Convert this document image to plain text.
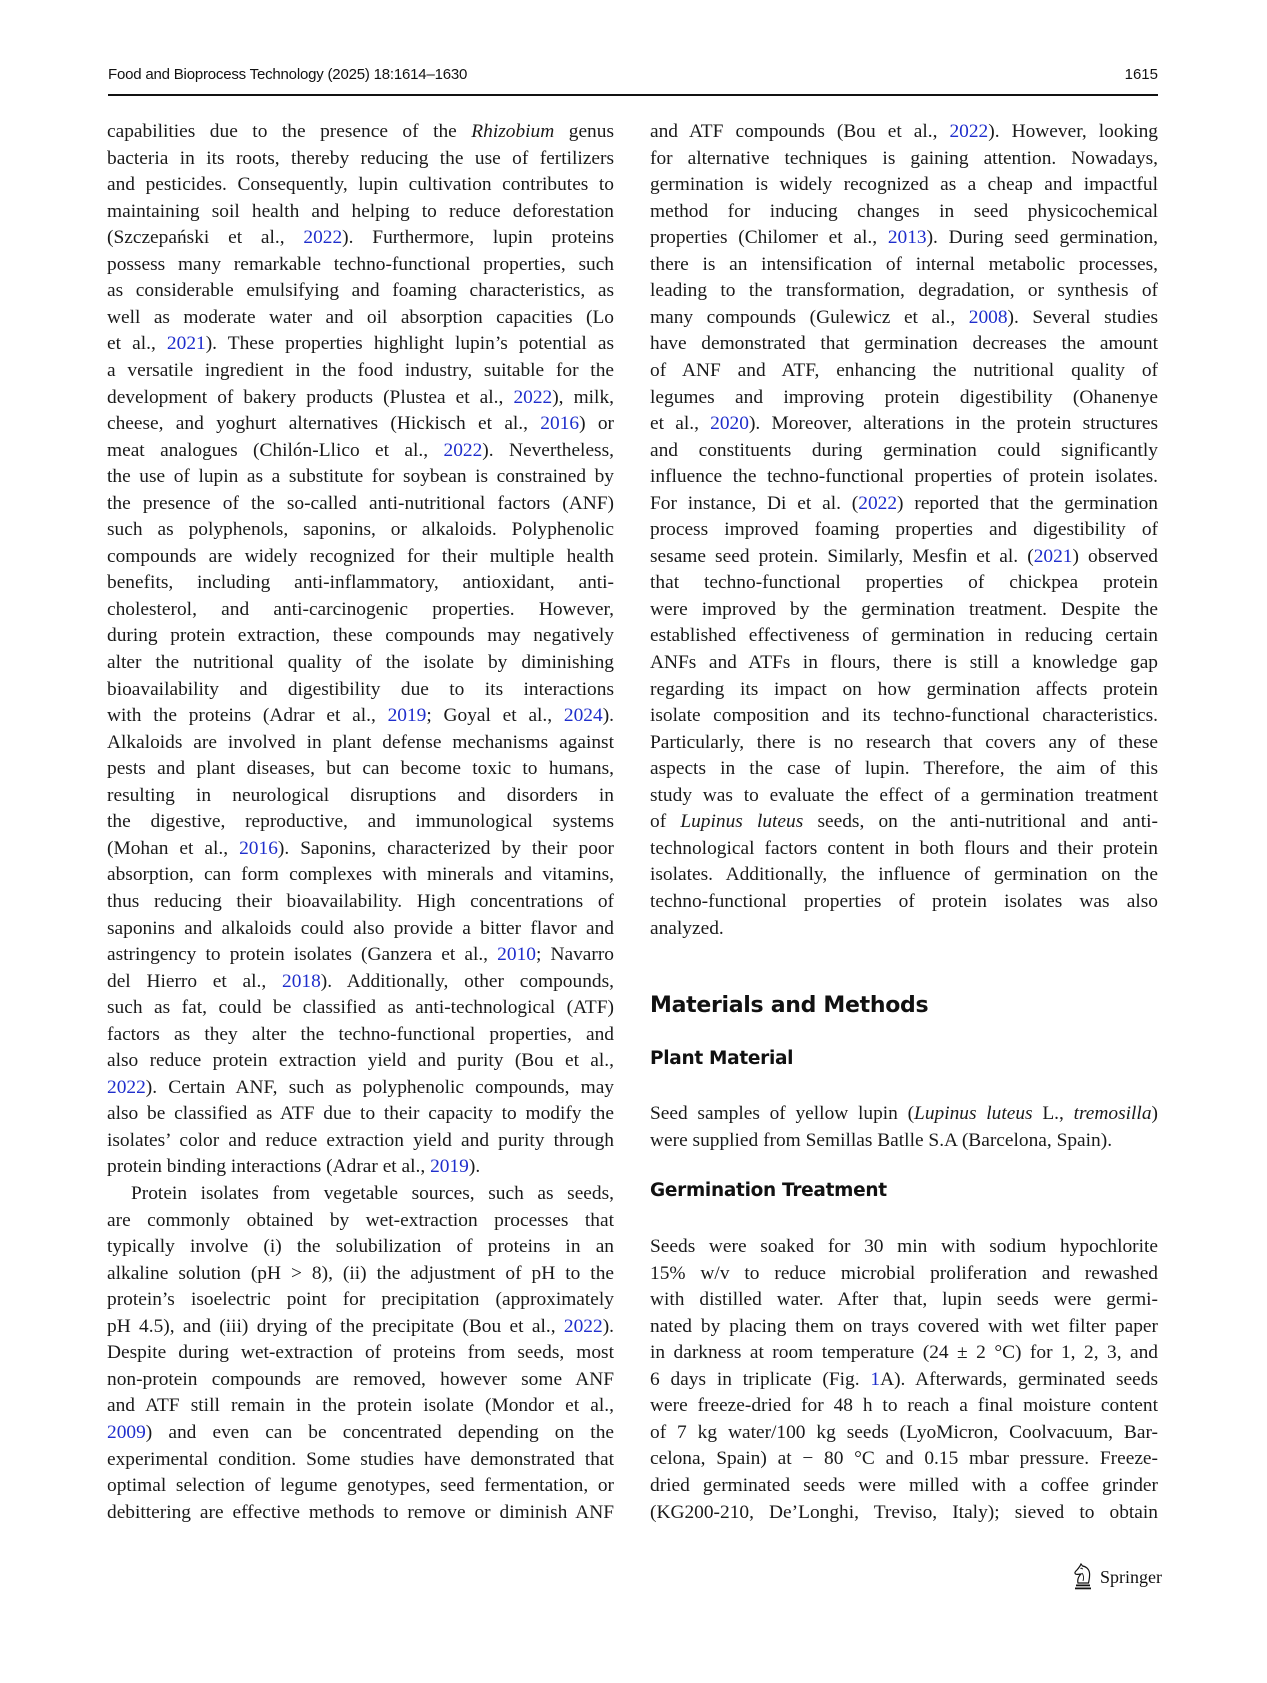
Food and Bioprocess Technology (2025) 18:1614–1630	1615
capabilities due to the presence of the Rhizobium genus
bacteria in its roots, thereby reducing the use of fertilizers
and pesticides. Consequently, lupin cultivation contributes to
maintaining soil health and helping to reduce deforestation
(Szczepański et al., 2022). Furthermore, lupin proteins
possess many remarkable techno-functional properties, such
as considerable emulsifying and foaming characteristics, as
well as moderate water and oil absorption capacities (Lo
et al., 2021). These properties highlight lupin’s potential as
a versatile ingredient in the food industry, suitable for the
development of bakery products (Plustea et al., 2022), milk,
cheese, and yoghurt alternatives (Hickisch et al., 2016) or
meat analogues (Chilón-Llico et al., 2022). Nevertheless,
the use of lupin as a substitute for soybean is constrained by
the presence of the so-called anti-nutritional factors (ANF)
such as polyphenols, saponins, or alkaloids. Polyphenolic
compounds are widely recognized for their multiple health
benefits, including anti-inflammatory, antioxidant, anti-
cholesterol, and anti-carcinogenic properties. However,
during protein extraction, these compounds may negatively
alter the nutritional quality of the isolate by diminishing
bioavailability and digestibility due to its interactions
with the proteins (Adrar et al., 2019; Goyal et al., 2024).
Alkaloids are involved in plant defense mechanisms against
pests and plant diseases, but can become toxic to humans,
resulting in neurological disruptions and disorders in
the digestive, reproductive, and immunological systems
(Mohan et al., 2016). Saponins, characterized by their poor
absorption, can form complexes with minerals and vitamins,
thus reducing their bioavailability. High concentrations of
saponins and alkaloids could also provide a bitter flavor and
astringency to protein isolates (Ganzera et al., 2010; Navarro
del Hierro et al., 2018). Additionally, other compounds,
such as fat, could be classified as anti-technological (ATF)
factors as they alter the techno-functional properties, and
also reduce protein extraction yield and purity (Bou et al.,
2022). Certain ANF, such as polyphenolic compounds, may
also be classified as ATF due to their capacity to modify the
isolates’ color and reduce extraction yield and purity through
protein binding interactions (Adrar et al., 2019).
Protein isolates from vegetable sources, such as seeds,
are commonly obtained by wet-extraction processes that
typically involve (i) the solubilization of proteins in an
alkaline solution (pH > 8), (ii) the adjustment of pH to the
protein’s isoelectric point for precipitation (approximately
pH 4.5), and (iii) drying of the precipitate (Bou et al., 2022).
Despite during wet-extraction of proteins from seeds, most
non-protein compounds are removed, however some ANF
and ATF still remain in the protein isolate (Mondor et al.,
2009) and even can be concentrated depending on the
experimental condition. Some studies have demonstrated that
optimal selection of legume genotypes, seed fermentation, or
debittering are effective methods to remove or diminish ANF
Materials and Methods
Plant Material
Germination Treatment
and ATF compounds (Bou et al., 2022). However, looking
for alternative techniques is gaining attention. Nowadays,
germination is widely recognized as a cheap and impactful
method for inducing changes in seed physicochemical
properties (Chilomer et al., 2013). During seed germination,
there is an intensification of internal metabolic processes,
leading to the transformation, degradation, or synthesis of
many compounds (Gulewicz et al., 2008). Several studies
have demonstrated that germination decreases the amount
of ANF and ATF, enhancing the nutritional quality of
legumes and improving protein digestibility (Ohanenye
et al., 2020). Moreover, alterations in the protein structures
and constituents during germination could significantly
influence the techno-functional properties of protein isolates.
For instance, Di et al. (2022) reported that the germination
process improved foaming properties and digestibility of
sesame seed protein. Similarly, Mesfin et al. (2021) observed
that techno-functional properties of chickpea protein
were improved by the germination treatment. Despite the
established effectiveness of germination in reducing certain
ANFs and ATFs in flours, there is still a knowledge gap
regarding its impact on how germination affects protein
isolate composition and its techno-functional characteristics.
Particularly, there is no research that covers any of these
aspects in the case of lupin. Therefore, the aim of this
study was to evaluate the effect of a germination treatment
of Lupinus luteus seeds, on the anti-nutritional and anti-
technological factors content in both flours and their protein
isolates. Additionally, the influence of germination on the
techno-functional properties of protein isolates was also
analyzed.
Seed samples of yellow lupin (Lupinus luteus L., tremosilla)
were supplied from Semillas Batlle S.A (Barcelona, Spain).
Seeds were soaked for 30 min with sodium hypochlorite
15% w/v to reduce microbial proliferation and rewashed
with distilled water. After that, lupin seeds were germi-
nated by placing them on trays covered with wet filter paper
in darkness at room temperature (24 ± 2 °C) for 1, 2, 3, and
6 days in triplicate (Fig. 1A). Afterwards, germinated seeds
were freeze-dried for 48 h to reach a final moisture content
of 7 kg water/100 kg seeds (LyoMicron, Coolvacuum, Bar-
celona, Spain) at − 80 °C and 0.15 mbar pressure. Freeze-
dried germinated seeds were milled with a coffee grinder
(KG200-210, De’Longhi, Treviso, Italy); sieved to obtain
Springer
